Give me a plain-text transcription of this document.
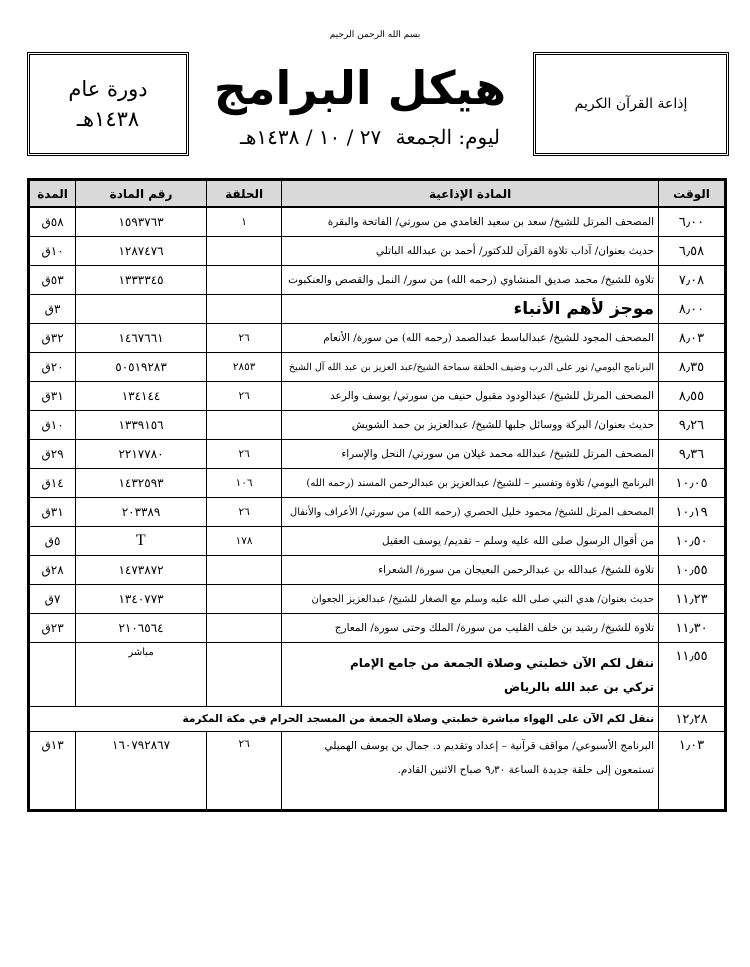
بسم الله الرحمن الرحيم
دورة عام
١٤٣٨هـ
هيكل البرامج
ليوم: الجمعة ٢٧ / ١٠ / ١٤٣٨هـ
إذاعة القرآن الكريم
الوقت	المادة الإذاعية	الحلقة	رقم المادة	المدة
٦٫٠٠	المصحف المرتل للشيخ/ سعد بن سعيد الغامدي من سورتي/ الفاتحة والبقرة	١	١٥٩٣٧٦٣	٥٨ق
٦٫٥٨	حديث بعنوان/ آداب تلاوة القرآن للدكتور/ أحمد بن عبدالله الباتلي		١٢٨٧٤٧٦	١٠ق
٧٫٠٨	تلاوة للشيخ/ محمد صديق المنشاوي (رحمه الله) من سور/ النمل والقصص والعنكبوت		١٣٣٣٣٤٥	٥٣ق
٨٫٠٠	موجز لأهم الأنباء			٣ق
٨٫٠٣	المصحف المجود للشيخ/ عبدالباسط عبدالصمد (رحمه الله) من سورة/ الأنعام	٢٦	١٤٦٧٦٦١	٣٢ق
٨٫٣٥	البرنامج اليومي/ نور على الدرب وضيف الحلقة سماحة الشيخ/عبد العزيز بن عبد الله آل الشيخ	٢٨٥٣	٥٠٥١٩٢٨٣	٢٠ق
٨٫٥٥	المصحف المرتل للشيخ/ عبدالودود مقبول حنيف من سورتي/ يوسف والرعد	٢٦	١٣٤١٤٤	٣١ق
٩٫٢٦	حديث بعنوان/ البركة ووسائل جلبها للشيخ/ عبدالعزيز بن حمد الشويش		١٣٣٩١٥٦	١٠ق
٩٫٣٦	المصحف المرتل للشيخ/ عبدالله محمد غيلان من سورتي/ النحل والإسراء	٢٦	٢٢١٧٧٨٠	٢٩ق
١٠٫٠٥	البرنامج اليومي/ تلاوة وتفسير – للشيخ/ عبدالعزيز بن عبدالرحمن المسند (رحمه الله)	١٠٦	١٤٣٢٥٩٣	١٤ق
١٠٫١٩	المصحف المرتل للشيخ/ محمود خليل الحصري (رحمه الله) من سورتي/ الأعراف والأنفال	٢٦	٢٠٣٣٨٩	٣١ق
١٠٫٥٠	من أقوال الرسول صلى الله عليه وسلم – تقديم/ يوسف العقيل	١٧٨	T	٥ق
١٠٫٥٥	تلاوة للشيخ/ عبدالله بن عبدالرحمن البعيجان من سورة/ الشعراء		١٤٧٣٨٧٢	٢٨ق
١١٫٢٣	حديث بعنوان/ هدي النبي صلى الله عليه وسلم مع الصغار للشيخ/ عبدالعزيز الجعوان		١٣٤٠٧٧٣	٧ق
١١٫٣٠	تلاوة للشيخ/ رشيد بن خلف القليب من سورة/ الملك وحتى سورة/ المعارج		٢١٠٦٥٦٤	٢٣ق
١١٫٥٥	ننقل لكم الآن خطبتي وصلاة الجمعة من جامع الإمام
تركي بن عبد الله بالرياض		مباشر	
١٢٫٢٨	ننقل لكم الآن على الهواء مباشرة خطبتي وصلاة الجمعة من المسجد الحرام في مكة المكرمة			
١٫٠٣	البرنامج الأسبوعي/ مواقف قرآنية – إعداد وتقديم د. جمال بن يوسف الهميلي
تستمعون إلى حلقة جديدة الساعة ٩٫٣٠ صباح الاثنين القادم.	٢٦	١٦٠٧٩٢٨٦٧	١٣ق
